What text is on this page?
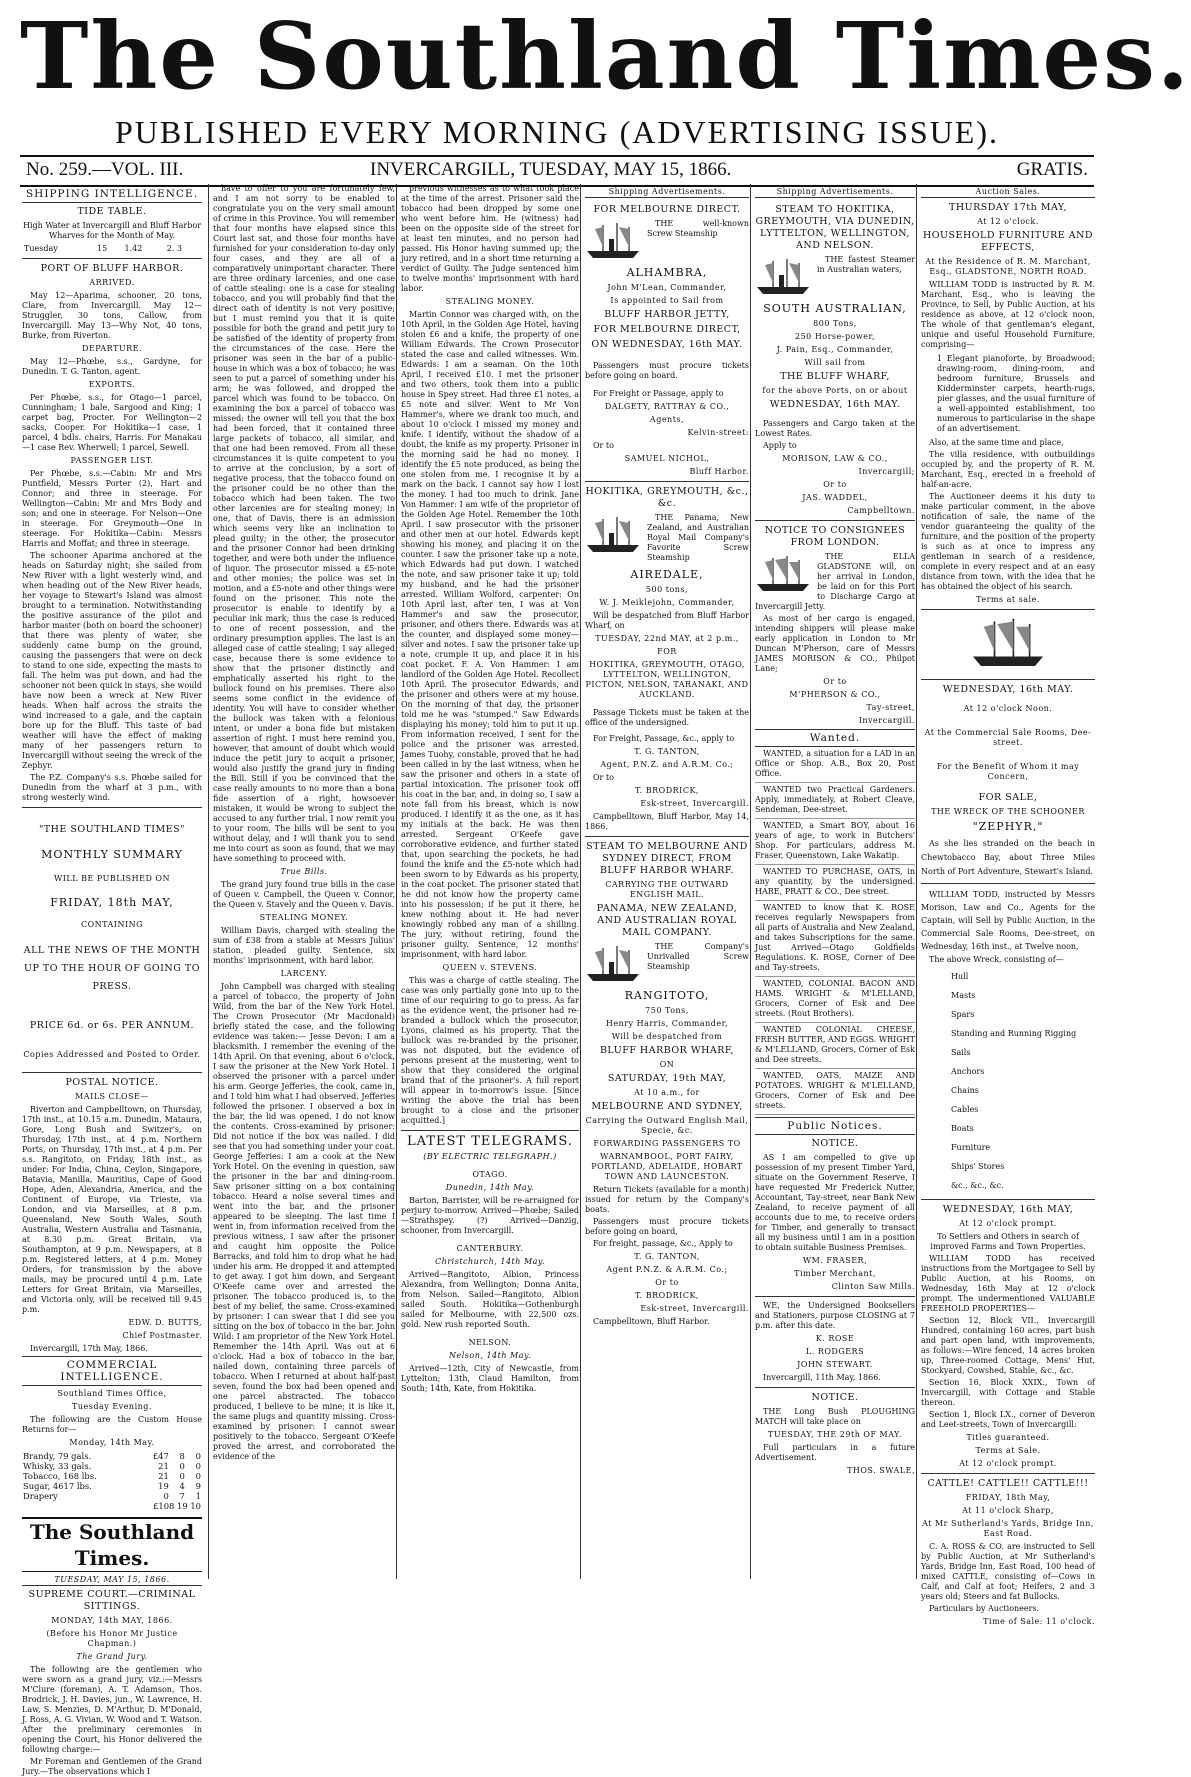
The Southland Times.
PUBLISHED EVERY MORNING (ADVERTISING ISSUE).
No. 259.—VOL. III.	INVERCARGILL, TUESDAY, MAY 15, 1866.	GRATIS.
SHIPPING INTELLIGENCE.
TIDE TABLE.

High Water at Invercargill and Bluff Harbor Wharves for the Month of May.

Tuesday	15	1.42	2. 3
PORT OF BLUFF HARBOR.
ARRIVED.

May 12—Aparima, schooner, 20 tons, Clare, from Invercargill. May 12—Struggler, 30 tons, Callow, from Invercargill. May 13—Why Not, 40 tons, Burke, from Riverton.

DEPARTURE.

May 12—Phœbe, s.s., Gardyne, for Dunedin. T. G. Tanton, agent.

EXPORTS.

Per Phœbe, s.s., for Otago—1 parcel, Cunningham; 1 bale, Sargood and King; 1 carpet bag, Procter. For Wellington—2 sacks, Cooper. For Hokitika—1 case, 1 parcel, 4 bdls. chairs, Harris. For Manakau—1 case Rev. Wherwell; 1 parcel, Sewell.

PASSENGER LIST.

Per Phœbe, s.s.—Cabin: Mr and Mrs Puntfield, Messrs Porter (2), Hart and Connor; and three in steerage. For Wellington—Cabin: Mr and Mrs Body and son; and one in steerage. For Nelson—One in steerage. For Greymouth—One in steerage. For Hokitika—Cabin: Messrs Harris and Moffat; and three in steerage.

The schooner Aparima anchored at the heads on Saturday night; she sailed from New River with a light westerly wind, and when heading out of the New River heads, her voyage to Stewart's Island was almost brought to a termination. Notwithstanding the positive assurance of the pilot and harbor master (both on board the schooner) that there was plenty of water, she suddenly came bump on the ground, causing the passengers that were on deck to stand to one side, expecting the masts to fall. The helm was put down, and had the schooner not been quick in stays, she would have now been a wreck at New River heads. When half across the straits the wind increased to a gale, and the captain bore up for the Bluff. This taste of bad weather will have the effect of making many of her passengers return to Invercargill without seeing the wreck of the Zephyr.

The P.Z. Company's s.s. Phœbe sailed for Dunedin from the wharf at 3 p.m., with strong westerly wind.

"THE SOUTHLAND TIMES"
MONTHLY SUMMARY
WILL BE PUBLISHED ON
FRIDAY, 18th MAY,
CONTAINING
ALL THE NEWS OF THE MONTH UP TO THE HOUR OF GOING TO PRESS.
PRICE 6d. or 6s. PER ANNUM.
Copies Addressed and Posted to Order.
POSTAL NOTICE.
MAILS CLOSE—

Riverton and Campbelltown, on Thursday, 17th inst., at 10.15 a.m. Dunedin, Mataura, Gore, Long Bush and Switzer's, on Thursday, 17th inst., at 4 p.m. Northern Ports, on Thursday, 17th inst., at 4 p.m. Per s.s. Rangitoto, on Friday, 18th inst., as under: For India, China, Ceylon, Singapore, Batavia, Manilla, Mauritius, Cape of Good Hope, Aden, Alexandria, America, and the Continent of Europe, via Trieste, via London, and via Marseilles, at 8 p.m. Queensland, New South Wales, South Australia, Western Australia and Tasmania, at 8.30 p.m. Great Britain, via Southampton, at 9 p.m. Newspapers, at 8 p.m. Registered letters, at 4 p.m. Money Orders, for transmission by the above mails, may be procured until 4 p.m. Late Letters for Great Britain, via Marseilles, and Victoria only, will be received till 9.45 p.m.

EDW. D. BUTTS,
Chief Postmaster.

Invercargill, 17th May, 1866.

COMMERCIAL INTELLIGENCE.
Southland Times Office,
Tuesday Evening.

The following are the Custom House Returns for—

Monday, 14th May.
Brandy, 79 gals.	£47	8	0
Whisky, 33 gals.	21	0	0
Tobacco, 168 lbs.	21	0	0
Sugar, 4617 lbs.	19	4	9
Drapery	0	7	1
	£108 19 10		
The Southland Times.
TUESDAY, MAY 15, 1866.
SUPREME COURT.—CRIMINAL SITTINGS.
MONDAY, 14th MAY, 1866.
(Before his Honor Mr Justice Chapman.)
The Grand Jury.

The following are the gentlemen who were sworn as a grand jury, viz.:—Messrs M'Clure (foreman), A. T. Adamson, Thos. Brodrick, J. H. Davies, jun., W. Lawrence, H. Law, S. Menzies, D. M'Arthur, D. M'Donald, J. Ross, A. G. Vivian, W. Wood and T. Watson. After the preliminary ceremonies in opening the Court, his Honor delivered the following charge:—

Mr Foreman and Gentlemen of the Grand Jury.—The observations which I

have to offer to you are fortunately few, and I am not sorry to be enabled to congratulate you on the very small amount of crime in this Province. You will remember that four months have elapsed since this Court last sat, and those four months have furnished for your consideration to-day only four cases, and they are all of a comparatively unimportant character. There are three ordinary larcenies, and one case of cattle stealing: one is a case for stealing tobacco, and you will probably find that the direct oath of identity is not very positive; but I must remind you that it is quite possible for both the grand and petit jury to be satisfied of the identity of property from the circumstances of the case. Here the prisoner was seen in the bar of a public-house in which was a box of tobacco; he was seen to put a parcel of something under his arm; he was followed, and dropped the parcel which was found to be tobacco. On examining the box a parcel of tobacco was missed: the owner will tell you that the box had been forced, that it contained three large packets of tobacco, all similar, and that one had been removed. From all these circumstances it is quite competent to you to arrive at the conclusion, by a sort of negative process, that the tobacco found on the prisoner could be no other than the tobacco which had been taken. The two other larcenies are for stealing money; in one, that of Davis, there is an admission which seems very like an inclination to plead guilty; in the other, the prosecutor and the prisoner Connor had been drinking together, and were both under the influence of liquor. The prosecutor missed a £5-note and other monies; the police was set in motion, and a £5-note and other things were found on the prisoner. This note the prosecutor is enable to identify by a peculiar ink mark; thus the case is reduced to one of recent possession, and the ordinary presumption applies. The last is an alleged case of cattle stealing; I say alleged case, because there is some evidence to show that the prisoner distinctly and emphatically asserted his right to the bullock found on his premises. There also seems some conflict in the evidence of identity. You will have to consider whether the bullock was taken with a felonious intent, or under a bona fide but mistaken assertion of right. I must here remind you, however, that amount of doubt which would induce the petit jury to acquit a prisoner, would also justify the grand jury in finding the Bill. Still if you be convinced that the case really amounts to no more than a bona fide assertion of a right, howsoever mistaken, it would be wrong to subject the accused to any further trial. I now remit you to your room. The bills will be sent to you without delay, and I will thank you to send me into court as soon as found, that we may have something to proceed with.

True Bills.

The grand jury found true bills in the case of Queen v. Campbell, the Queen v. Connor, the Queen v. Stavely and the Queen v. Davis.

STEALING MONEY.

William Davis, charged with stealing the sum of £38 from a stable at Messrs Julius' station, pleaded guilty. Sentence, six months' imprisonment, with hard labor.

LARCENY.

John Campbell was charged with stealing a parcel of tobacco, the property of John Wild, from the bar of the New York Hotel. The Crown Prosecutor (Mr Macdonald) briefly stated the case, and the following evidence was taken:— Jesse Devon: I am a blacksmith. I remember the evening of the 14th April. On that evening, about 6 o'clock, I saw the prisoner at the New York Hotel. I observed the prisoner with a parcel under his arm. George Jefferies, the cook, came in, and I told him what I had observed. Jefferies followed the prisoner. I observed a box in the bar, the lid was opened. I do not know the contents. Cross-examined by prisoner: Did not notice if the box was nailed. I did see that you had something under your coat. George Jefferies: I am a cook at the New York Hotel. On the evening in question, saw the prisoner in the bar and dining-room. Saw prisoner sitting on a box containing tobacco. Heard a noise several times and went into the bar, and the prisoner appeared to be sleeping. The last time I went in, from information received from the previous witness, I saw after the prisoner and caught him opposite the Police Barracks, and told him to drop what he had under his arm. He dropped it and attempted to get away. I got him down, and Sergeant O'Keefe came over and arrested the prisoner. The tobacco produced is, to the best of my belief, the same. Cross-examined by prisoner: I can swear that I did see you sitting on the box of tobacco in the bar. John Wild: I am proprietor of the New York Hotel. Remember the 14th April. Was out at 6 o'clock. Had a box of tobacco in the bar, nailed down, containing three parcels of tobacco. When I returned at about half-past seven, found the box had been opened and one parcel abstracted. The tobacco produced, I believe to be mine; it is like it, the same plugs and quantity missing. Cross-examined by prisoner: I cannot swear positively to the tobacco. Sergeant O'Keefe proved the arrest, and corroborated the evidence of the

previous witnesses as to what took place at the time of the arrest. Prisoner said the tobacco had been dropped by some one who went before him. He (witness) had been on the opposite side of the street for at least ten minutes, and no person had passed. His Honor having summed up; the jury retired, and in a short time returning a verdict of Guilty. The Judge sentenced him to twelve months' imprisonment with hard labor.

STEALING MONEY.

Martin Connor was charged with, on the 10th April, in the Golden Age Hotel, having stolen £6 and a knife, the property of one William Edwards. The Crown Prosecutor stated the case and called witnesses. Wm. Edwards: I am a seaman. On the 10th April, I received £10. I met the prisoner and two others, took them into a public house in Spey street. Had three £1 notes, a £5 note and silver. Went to Mr Von Hammer's, where we drank too much, and about 10 o'clock I missed my money and knife. I identify, without the shadow of a doubt, the knife as my property. Prisoner in the morning said he had no money. I identify the £5 note produced, as being the one stolen from me. I recognise it by a mark on the back. I cannot say how I lost the money. I had too much to drink. Jane Von Hammer: I am wife of the proprietor of the Golden Age Hotel. Remember the 10th April. I saw prosecutor with the prisoner and other men at our hotel. Edwards kept showing his money, and placing it on the counter. I saw the prisoner take up a note, which Edwards had put down. I watched the note, and saw prisoner take it up; told my husband, and he had the prisoner arrested. William Wolford, carpenter: On 10th April last, after ten, I was at Von Hammer's and saw the prosecutor, prisoner, and others there. Edwards was at the counter, and displayed some money—silver and notes. I saw the prisoner take up a note, crumple it up, and place it in his coat pocket. F. A. Von Hammer: I am landlord of the Golden Age Hotel. Recollect 10th April. The prosecutor Edwards, and the prisoner and others were at my house. On the morning of that day, the prisoner told me he was "stumped." Saw Edwards displaying his money; told him to put it up. From information received, I sent for the police and the prisoner was arrested. James Tuohy, constable, proved that he had been called in by the last witness, when he saw the prisoner and others in a state of partial intoxication. The prisoner took off his coat in the bar, and, in doing so, I saw a note fall from his breast, which is now produced. I identify it as the one, as it has my initials at the back. He was then arrested. Sergeant O'Keefe gave corroborative evidence, and further stated that, upon searching the pockets, he had found the knife and the £5-note which had been sworn to by Edwards as his property, in the coat pocket. The prisoner stated that he did not know how the property came into his possession; if he put it there, he knew nothing about it. He had never knowingly robbed any man of a shilling. The jury, without retiring, found the prisoner guilty. Sentence, 12 months' imprisonment, with hard labor.

QUEEN v. STEVENS.

This was a charge of cattle stealing. The case was only partially gone into up to the time of our requiring to go to press. As far as the evidence went, the prisoner had re-branded a bullock which the prosecutor, Lyons, claimed as his property. That the bullock was re-branded by the prisoner, was not disputed, but the evidence of persons present at the mustering, went to show that they considered the original brand that of the prisoner's. A full report will appear in to-morrow's issue. [Since writing the above the trial has been brought to a close and the prisoner acquitted.]

LATEST TELEGRAMS.
(BY ELECTRIC TELEGRAPH.)
OTAGO.
Dunedin, 14th May.

Barton, Barrister, will be re-arraigned for perjury to-morrow. Arrived—Phœbe; Sailed—Strathspey. (?) Arrived—Danzig, schooner, from Invercargill.

CANTERBURY.
Christchurch, 14th May.

Arrived—Rangitoto, Albion, Princess Alexandra, from Wellington; Donna Anita, from Nelson. Sailed—Rangitoto, Albion sailed South. Hokitika—Gothenburgh sailed for Melbourne, with 22,500 ozs. gold. New rush reported South.

NELSON.
Nelson, 14th May.

Arrived—12th, City of Newcastle, from Lyttelton; 13th, Claud Hamilton, from South; 14th, Kate, from Hokitika.

Shipping Advertisements.
FOR MELBOURNE DIRECT.

THE well-known Screw Steamship

ALHAMBRA,
John M'Lean, Commander,
Is appointed to Sail from
BLUFF HARBOR JETTY,
FOR MELBOURNE DIRECT,
ON WEDNESDAY, 16th MAY.

Passengers must procure tickets before going on board.

For Freight or Passage, apply to

DALGETY, RATTRAY & CO.,
Agents,
Kelvin-street:

Or to

SAMUEL NICHOL,
Bluff Harbor.
HOKITIKA, GREYMOUTH, &c., &c.

THE Panama, New Zealand, and Australian Royal Mail Company's Favorite Screw Steamship

AIREDALE,
500 tons,
W. J. Meiklejohn, Commander,

Will be despatched from Bluff Harbor Wharf, on

TUESDAY, 22nd MAY, at 2 p.m.,
FOR
HOKITIKA, GREYMOUTH, OTAGO, LYTTELTON, WELLINGTON, PICTON, NELSON, TARANAKI, AND AUCKLAND.

Passage Tickets must be taken at the office of the undersigned.

For Freight, Passage, &c., apply to

T. G. TANTON,
Agent, P.N.Z. and A.R.M. Co.;

Or to

T. BRODRICK,
Esk-street, Invercargill.

Campbelltown, Bluff Harbor, May 14, 1866.

STEAM TO MELBOURNE AND SYDNEY DIRECT, FROM BLUFF HARBOR WHARF.
CARRYING THE OUTWARD ENGLISH MAIL.
PANAMA, NEW ZEALAND, AND AUSTRALIAN ROYAL MAIL COMPANY.

THE Company's Unrivalled Screw Steamship

RANGITOTO,
750 Tons,
Henry Harris, Commander,
Will be despatched from
BLUFF HARBOR WHARF,
ON
SATURDAY, 19th MAY,
At 10 a.m., for
MELBOURNE AND SYDNEY,
Carrying the Outward English Mail, Specie, &c.
FORWARDING PASSENGERS TO
WARNAMBOOL, PORT FAIRY, PORTLAND, ADELAIDE, HOBART TOWN AND LAUNCESTON.

Return Tickets (available for a month) issued for return by the Company's boats.

Passengers must procure tickets before going on board,

For freight, passage, &c., Apply to

T. G. TANTON,
Agent P.N.Z. & A.R.M. Co.;
Or to
T. BRODRICK,
Esk-street, Invercargill.

Campbelltown, Bluff Harbor.

Shipping Advertisements.
STEAM TO HOKITIKA, GREYMOUTH, VIA DUNEDIN, LYTTELTON, WELLINGTON, AND NELSON.

THE fastest Steamer in Australian waters,

SOUTH AUSTRALIAN,
800 Tons,
250 Horse-power,
J. Pain, Esq., Commander,
Will sail from
THE BLUFF WHARF,
for the above Ports, on or about
WEDNESDAY, 16th MAY.

Passengers and Cargo taken at the Lowest Rates.

Apply to

MORISON, LAW & CO.,
Invercargill;
Or to
JAS. WADDEL,
Campbelltown.
NOTICE TO CONSIGNEES FROM LONDON.

THE ELLA GLADSTONE will, on her arrival in London, be laid on for this Port to Discharge Cargo at Invercargill Jetty.

As most of her cargo is engaged, intending shippers will please make early application in London to Mr Duncan M'Pherson, care of Messrs JAMES MORISON & CO., Philpot Lane;

Or to
M'PHERSON & CO.,
Tay-street,
Invercargill.
Wanted.

WANTED, a situation for a LAD in an Office or Shop. A.B., Box 20, Post Office.

WANTED two Practical Gardeners. Apply, immediately, at Robert Cleave, Sendeman, Dee-street.

WANTED, a Smart BOY, about 16 years of age, to work in Butchers' Shop. For particulars, address M. Fraser, Queenstown, Lake Wakatip.

WANTED TO PURCHASE, OATS, in any quantity, by the undersigned. HARE, PRATT & CO., Dee street.

WANTED to know that K. ROSE receives regularly Newspapers from all parts of Australia and New Zealand, and takes Subscriptions for the same. Just Arrived—Otago Goldfields Regulations. K. ROSE, Corner of Dee and Tay-streets.

WANTED, COLONIAL BACON AND HAMS. WRIGHT & M'LELLAND, Grocers, Corner of Esk and Dee streets. (Rout Brothers).

WANTED COLONIAL CHEESE, FRESH BUTTER, AND EGGS. WRIGHT & M'LELLAND, Grocers, Corner of Esk and Dee streets.

WANTED, OATS, MAIZE AND POTATOES. WRIGHT & M'LELLAND, Grocers, Corner of Esk and Dee streets.

Public Notices.
NOTICE.

AS I am compelled to give up possession of my present Timber Yard, situate on the Government Reserve, I have requested Mr Frederick Nutter, Accountant, Tay-street, near Bank New Zealand, to receive payment of all accounts due to me, to receive orders for Timber, and generally to transact all my business until I am in a position to obtain suitable Business Premises.

WM. FRASER,
Timber Merchant,
Clinton Saw Mills.

WE, the Undersigned Booksellers and Stationers, purpose CLOSING at 7 p.m. after this date.

K. ROSE
L. RODGERS
JOHN STEWART.

Invercargill, 11th May, 1866.

NOTICE.

THE Long Bush PLOUGHING MATCH will take place on

TUESDAY, THE 29th OF MAY.

Full particulars in a future Advertisement.

THOS. SWALE,
Auction Sales.
THURSDAY 17th MAY,
At 12 o'clock.
HOUSEHOLD FURNITURE AND EFFECTS,
At the Residence of R. M. Marchant, Esq., GLADSTONE, NORTH ROAD.

WILLIAM TODD is instructed by R. M. Marchant, Esq., who is leaving the Province, to Sell, by Public Auction, at his residence as above, at 12 o'clock noon, The whole of that gentleman's elegant, unique and useful Household Furniture, comprising—

1 Elegant pianoforte, by Broadwood; drawing-room, dining-room, and bedroom furniture, Brussels and Kidderminster carpets, hearth-rugs, pier glasses, and the usual furniture of a well-appointed establishment, too numerous to particularise in the shape of an advertisement.

Also, at the same time and place,

The villa residence, with outbuildings occupied by, and the property of R. M. Marchant, Esq., erected in a freehold of half-an-acre.

The Auctioneer deems it his duty to make particular comment, in the above notification of sale, the name of the vendor guaranteeing the quality of the furniture, and the position of the property is such as at once to impress any gentleman in search of a residence, complete in every respect and at an easy distance from town, with the idea that he has obtained the object of his search.

Terms at sale.
WEDNESDAY, 16th MAY.
At 12 o'clock Noon.
At the Commercial Sale Rooms, Dee-street.
For the Benefit of Whom it may Concern,
FOR SALE,
THE WRECK OF THE SCHOONER
"ZEPHYR,"

As she lies stranded on the beach in Chewtobacco Bay, about Three Miles North of Port Adventure, Stewart's Island.

WILLIAM TODD, instructed by Messrs Morison, Law and Co., Agents for the Captain, will Sell by Public Auction, in the Commercial Sale Rooms, Dee-street, on Wednesday, 16th inst., at Twelve noon,

The above Wreck, consisting of—

Hull
Masts
Spars
Standing and Running Rigging
Sails
Anchors
Chains
Cables
Boats
Furniture
Ships' Stores
&c., &c., &c.
WEDNESDAY, 16th MAY,
At 12 o'clock prompt.

To Settlers and Others in search of improved Farms and Town Properties.

WILLIAM TODD has received instructions from the Mortgagee to Sell by Public Auction, at his Rooms, on Wednesday, 16th May at 12 o'clock prompt. The undermentioned VALUABLE FREEHOLD PROPERTIES—

Section 12, Block VII., Invercargill Hundred, containing 160 acres, part bush and part open land, with improvements, as follows:—Wire fenced, 14 acres broken up, Three-roomed Cottage, Mens' Hut, Stockyard, Cowshed, Stable, &c., &c.

Section 16, Block XXIX., Town of Invercargill, with Cottage and Stable thereon.

Section 1, Block LX., corner of Deveron and Leet-streets, Town of Invercargill:

Titles guaranteed.
Terms at Sale.
At 12 o'clock prompt.
CATTLE! CATTLE!! CATTLE!!!
FRIDAY, 18th May,
At 11 o'clock Sharp,
At Mr Sutherland's Yards, Bridge Inn, East Road.

C. A. ROSS & CO. are instructed to Sell by Public Auction, at Mr Sutherland's Yards, Bridge Inn, East Road, 100 head of mixed CATTLE, consisting of—Cows in Calf, and Calf at foot; Heifers, 2 and 3 years old; Steers and fat Bullocks.

Particulars by Auctioneers.

Time of Sale: 11 o'clock.
